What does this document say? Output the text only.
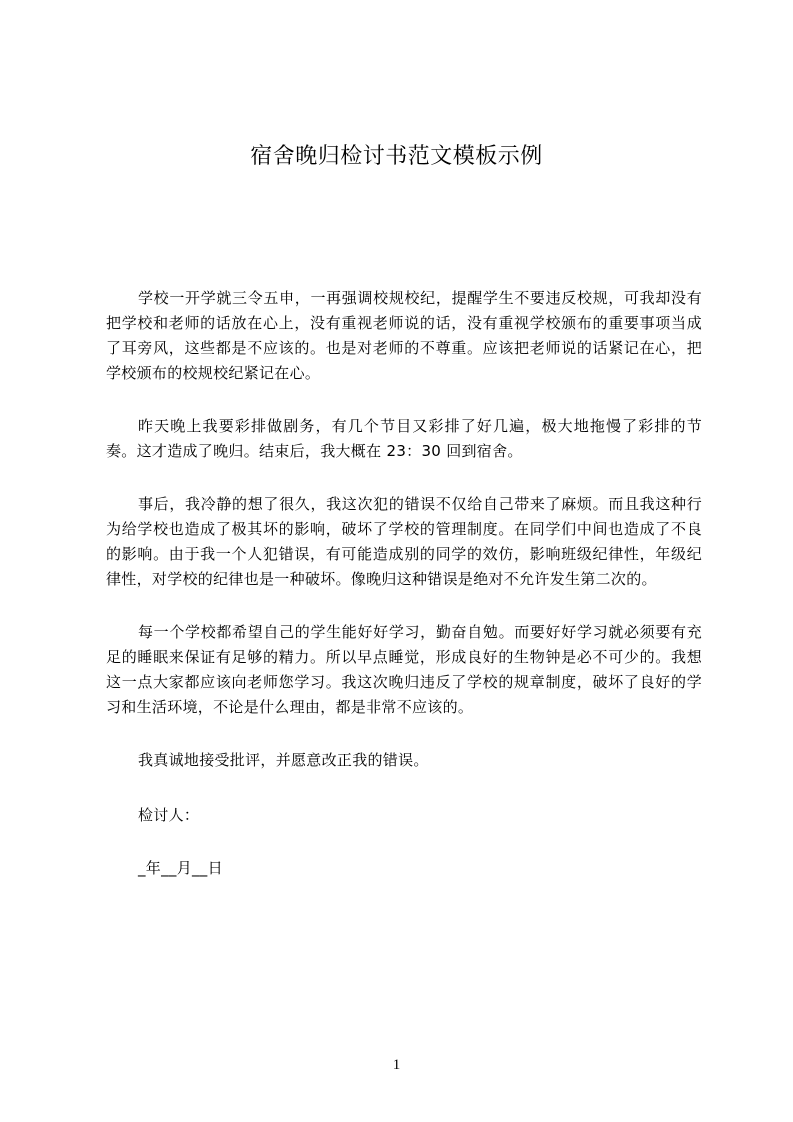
宿舍晚归检讨书范文模板示例

学校一开学就三令五申，一再强调校规校纪，提醒学生不要违反校规，可我却没有把学校和老师的话放在心上，没有重视老师说的话，没有重视学校颁布的重要事项当成了耳旁风，这些都是不应该的。也是对老师的不尊重。应该把老师说的话紧记在心，把学校颁布的校规校纪紧记在心。

昨天晚上我要彩排做剧务，有几个节目又彩排了好几遍，极大地拖慢了彩排的节奏。这才造成了晚归。结束后，我大概在 23：30 回到宿舍。

事后，我冷静的想了很久，我这次犯的错误不仅给自己带来了麻烦。而且我这种行为给学校也造成了极其坏的影响，破坏了学校的管理制度。在同学们中间也造成了不良的影响。由于我一个人犯错误，有可能造成别的同学的效仿，影响班级纪律性，年级纪律性，对学校的纪律也是一种破坏。像晚归这种错误是绝对不允许发生第二次的。

每一个学校都希望自己的学生能好好学习，勤奋自勉。而要好好学习就必须要有充足的睡眠来保证有足够的精力。所以早点睡觉，形成良好的生物钟是必不可少的。我想这一点大家都应该向老师您学习。我这次晚归违反了学校的规章制度，破坏了良好的学习和生活环境，不论是什么理由，都是非常不应该的。

我真诚地接受批评，并愿意改正我的错误。

检讨人：

_年__月__日

1
